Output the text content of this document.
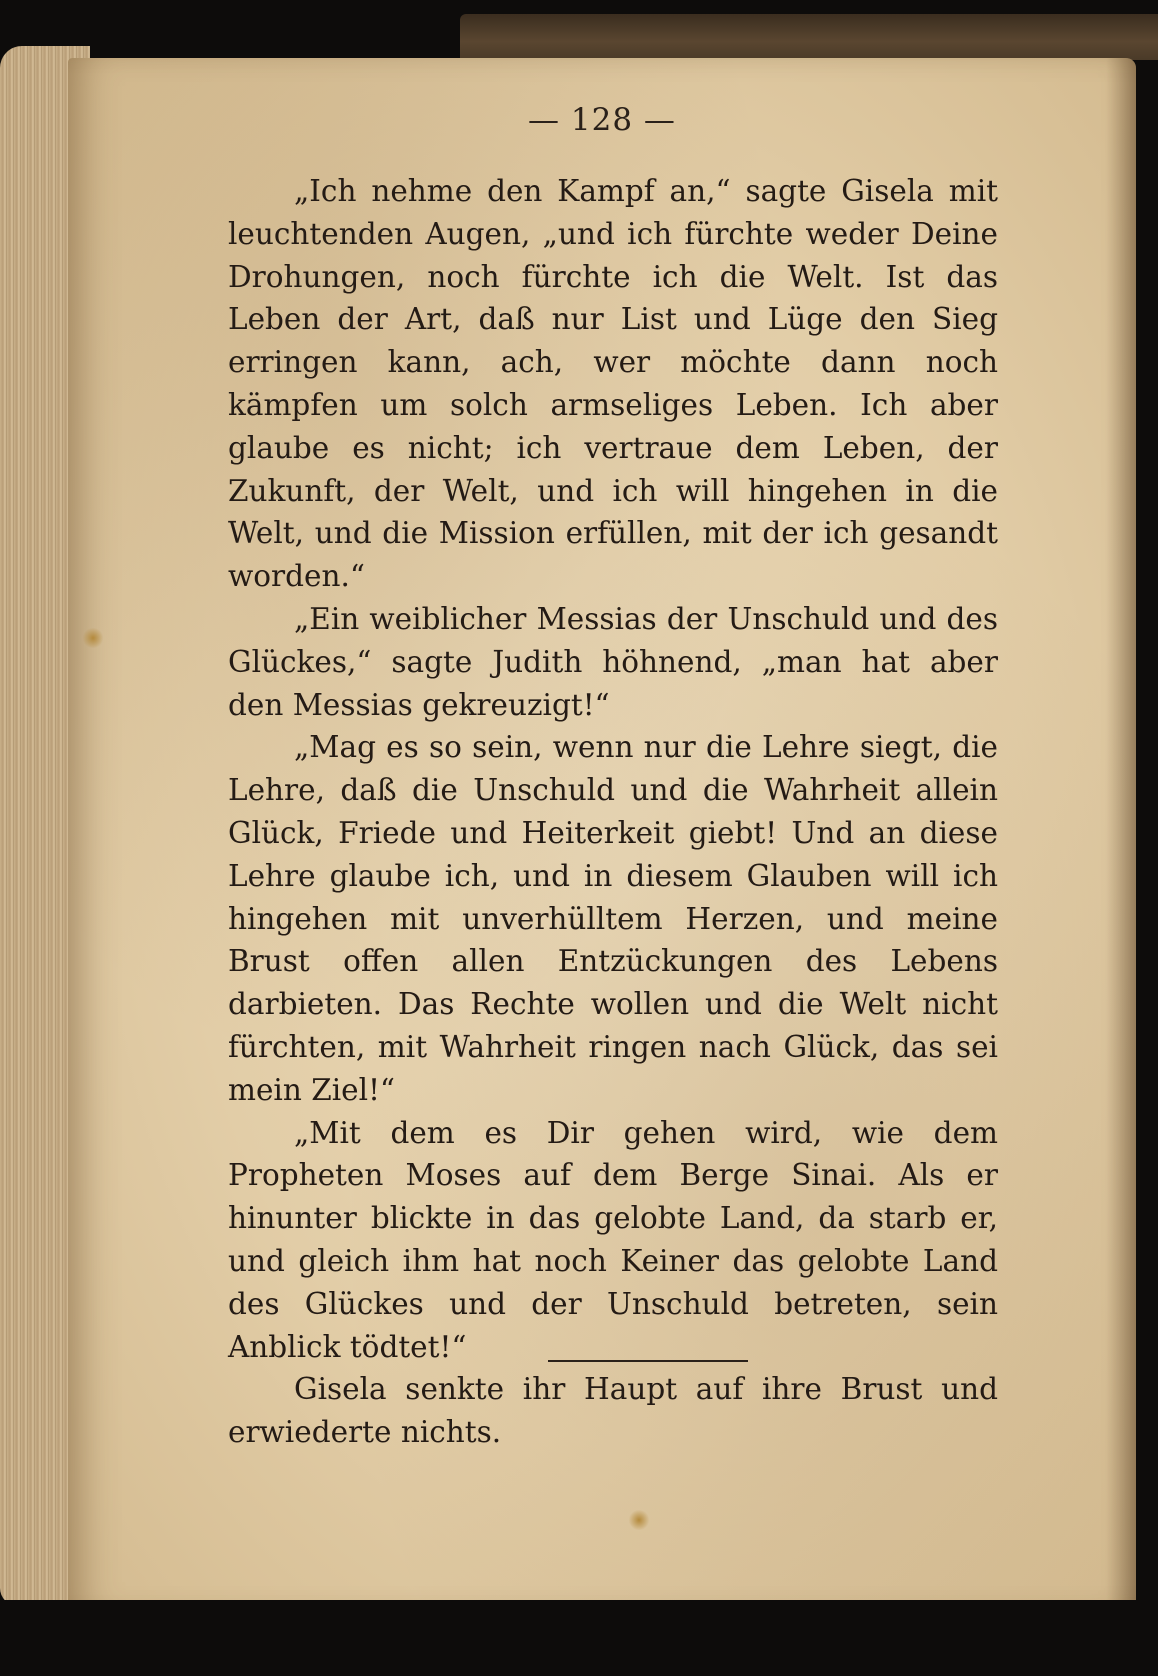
— 128 —

„Ich nehme den Kampf an,“ sagte Gisela mit leuchtenden Augen, „und ich fürchte weder Deine Drohungen, noch fürchte ich die Welt. Ist das Leben der Art, daß nur List und Lüge den Sieg erringen kann, ach, wer möchte dann noch kämpfen um solch armseliges Leben. Ich aber glaube es nicht; ich vertraue dem Leben, der Zukunft, der Welt, und ich will hingehen in die Welt, und die Mission erfüllen, mit der ich gesandt worden.“

„Ein weiblicher Messias der Unschuld und des Glückes,“ sagte Judith höhnend, „man hat aber den Messias gekreuzigt!“

„Mag es so sein, wenn nur die Lehre siegt, die Lehre, daß die Unschuld und die Wahrheit allein Glück, Friede und Heiterkeit giebt! Und an diese Lehre glaube ich, und in diesem Glauben will ich hingehen mit unverhülltem Herzen, und meine Brust offen allen Entzückungen des Lebens darbieten. Das Rechte wollen und die Welt nicht fürchten, mit Wahrheit ringen nach Glück, das sei mein Ziel!“

„Mit dem es Dir gehen wird, wie dem Propheten Moses auf dem Berge Sinai. Als er hinunter blickte in das gelobte Land, da starb er, und gleich ihm hat noch Keiner das gelobte Land des Glückes und der Unschuld betreten, sein Anblick tödtet!“

Gisela senkte ihr Haupt auf ihre Brust und erwiederte nichts.
